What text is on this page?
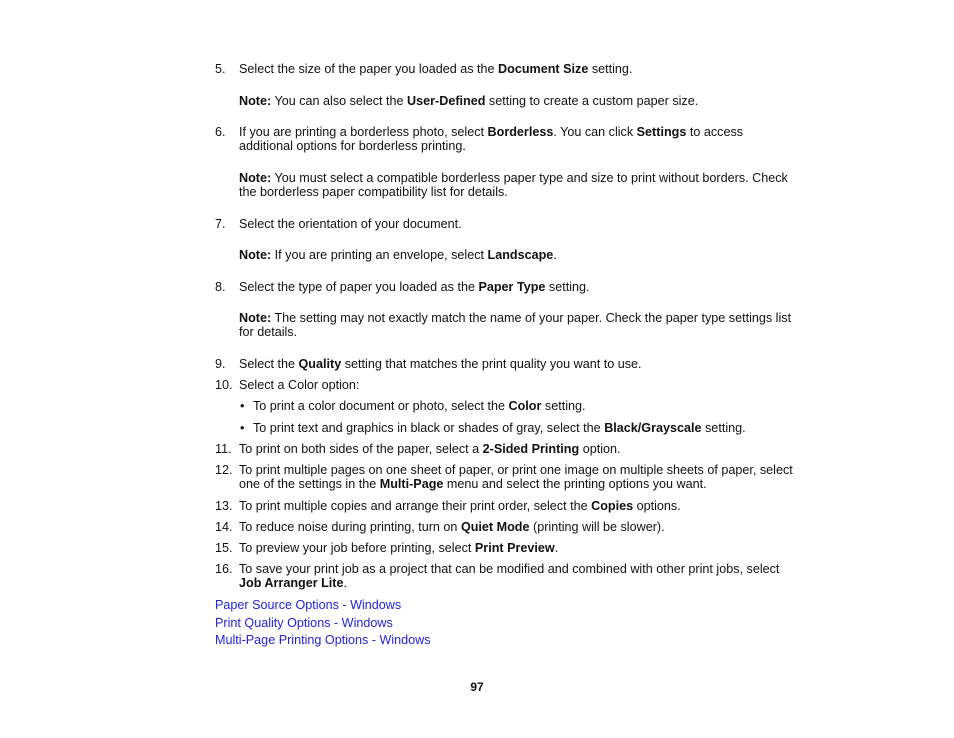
5. Select the size of the paper you loaded as the Document Size setting.
Note: You can also select the User-Defined setting to create a custom paper size.
6. If you are printing a borderless photo, select Borderless. You can click Settings to access
additional options for borderless printing.
Note: You must select a compatible borderless paper type and size to print without borders. Check
the borderless paper compatibility list for details.
7. Select the orientation of your document.
Note: If you are printing an envelope, select Landscape.
8. Select the type of paper you loaded as the Paper Type setting.
Note: The setting may not exactly match the name of your paper. Check the paper type settings list
for details.
9. Select the Quality setting that matches the print quality you want to use.
10. Select a Color option:
• To print a color document or photo, select the Color setting.
• To print text and graphics in black or shades of gray, select the Black/Grayscale setting.
11. To print on both sides of the paper, select a 2-Sided Printing option.
12. To print multiple pages on one sheet of paper, or print one image on multiple sheets of paper, select
one of the settings in the Multi-Page menu and select the printing options you want.
13. To print multiple copies and arrange their print order, select the Copies options.
14. To reduce noise during printing, turn on Quiet Mode (printing will be slower).
15. To preview your job before printing, select Print Preview.
16. To save your print job as a project that can be modified and combined with other print jobs, select
Job Arranger Lite.
Paper Source Options - Windows
Print Quality Options - Windows
Multi-Page Printing Options - Windows
97
